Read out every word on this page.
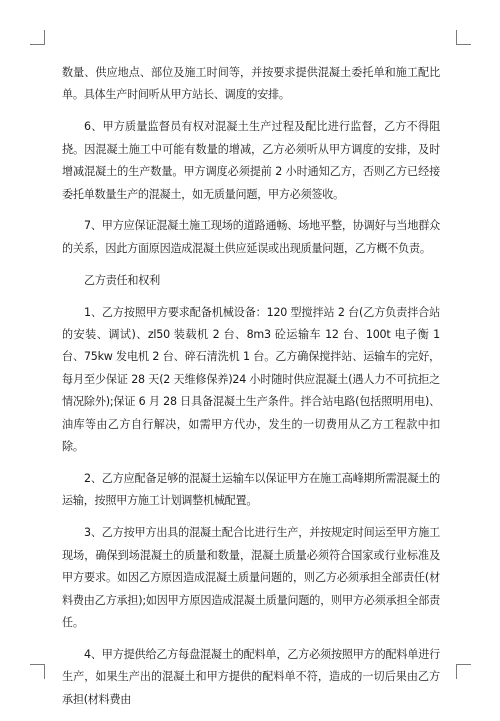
数量、供应地点、部位及施工时间等，并按要求提供混凝土委托单和施工配比单。具体生产时间听从甲方站长、调度的安排。

6、甲方质量监督员有权对混凝土生产过程及配比进行监督，乙方不得阻挠。因混凝土施工中可能有数量的增减，乙方必须听从甲方调度的安排，及时增减混凝土的生产数量。甲方调度必须提前 2 小时通知乙方，否则乙方已经接委托单数量生产的混凝土，如无质量问题，甲方必须签收。

7、甲方应保证混凝土施工现场的道路通畅、场地平整，协调好与当地群众的关系，因此方面原因造成混凝土供应延误或出现质量问题，乙方概不负责。

乙方责任和权利

1、乙方按照甲方要求配备机械设备：120 型搅拌站 2 台(乙方负责拌合站的安装、调试)、zl50 装载机 2 台、8m3 砼运输车 12 台、100t 电子衡 1 台、75kw 发电机 2 台、碎石清洗机 1 台。乙方确保搅拌站、运输车的完好，每月至少保证 28 天(2 天维修保养)24 小时随时供应混凝土(遇人力不可抗拒之情况除外);保证 6 月 28 日具备混凝土生产条件。拌合站电路(包括照明用电)、油库等由乙方自行解决，如需甲方代办，发生的一切费用从乙方工程款中扣除。

2、乙方应配备足够的混凝土运输车以保证甲方在施工高峰期所需混凝土的运输，按照甲方施工计划调整机械配置。

3、乙方按甲方出具的混凝土配合比进行生产，并按规定时间运至甲方施工现场，确保到场混凝土的质量和数量，混凝土质量必须符合国家或行业标准及甲方要求。如因乙方原因造成混凝土质量问题的，则乙方必须承担全部责任(材料费由乙方承担);如因甲方原因造成混凝土质量问题的，则甲方必须承担全部责任。

4、甲方提供给乙方每盘混凝土的配料单，乙方必须按照甲方的配料单进行生产，如果生产出的混凝土和甲方提供的配料单不符，造成的一切后果由乙方承担(材料费由
